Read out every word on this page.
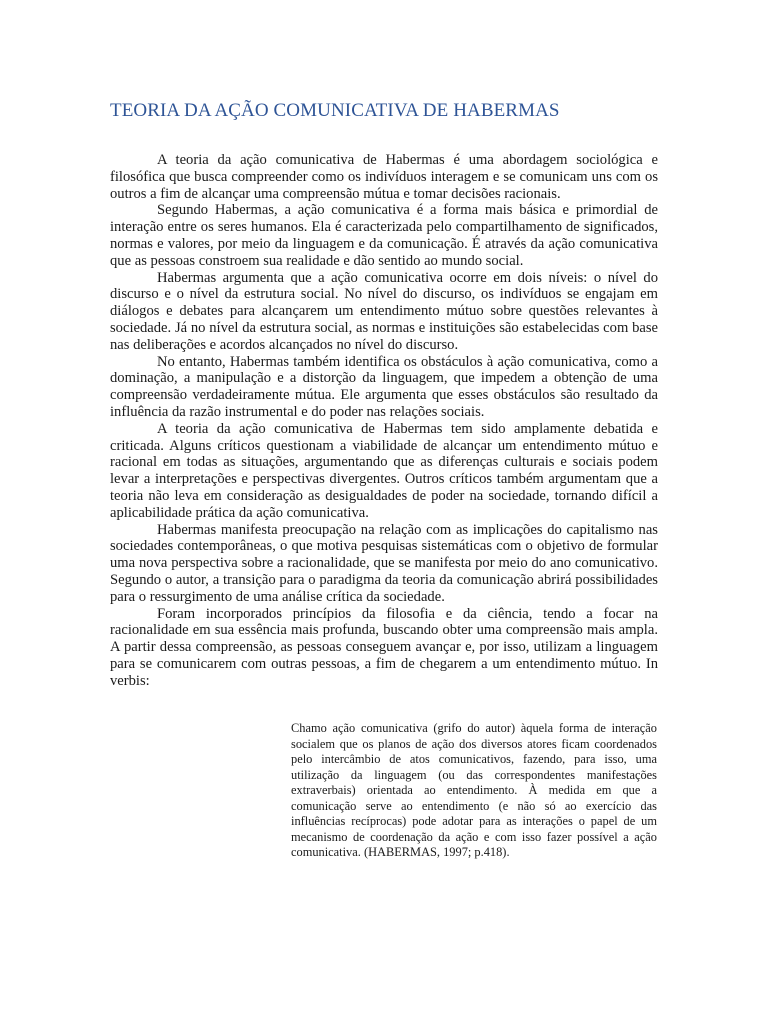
TEORIA DA AÇÃO COMUNICATIVA DE HABERMAS

A teoria da ação comunicativa de Habermas é uma abordagem sociológica e filosófica que busca compreender como os indivíduos interagem e se comunicam uns com os outros a fim de alcançar uma compreensão mútua e tomar decisões racionais.

Segundo Habermas, a ação comunicativa é a forma mais básica e primordial de interação entre os seres humanos. Ela é caracterizada pelo compartilhamento de significados, normas e valores, por meio da linguagem e da comunicação. É através da ação comunicativa que as pessoas constroem sua realidade e dão sentido ao mundo social.

Habermas argumenta que a ação comunicativa ocorre em dois níveis: o nível do discurso e o nível da estrutura social. No nível do discurso, os indivíduos se engajam em diálogos e debates para alcançarem um entendimento mútuo sobre questões relevantes à sociedade. Já no nível da estrutura social, as normas e instituições são estabelecidas com base nas deliberações e acordos alcançados no nível do discurso.

No entanto, Habermas também identifica os obstáculos à ação comunicativa, como a dominação, a manipulação e a distorção da linguagem, que impedem a obtenção de uma compreensão verdadeiramente mútua. Ele argumenta que esses obstáculos são resultado da influência da razão instrumental e do poder nas relações sociais.

A teoria da ação comunicativa de Habermas tem sido amplamente debatida e criticada. Alguns críticos questionam a viabilidade de alcançar um entendimento mútuo e racional em todas as situações, argumentando que as diferenças culturais e sociais podem levar a interpretações e perspectivas divergentes. Outros críticos também argumentam que a teoria não leva em consideração as desigualdades de poder na sociedade, tornando difícil a aplicabilidade prática da ação comunicativa.

Habermas manifesta preocupação na relação com as implicações do capitalismo nas sociedades contemporâneas, o que motiva pesquisas sistemáticas com o objetivo de formular uma nova perspectiva sobre a racionalidade, que se manifesta por meio do ano comunicativo. Segundo o autor, a transição para o paradigma da teoria da comunicação abrirá possibilidades para o ressurgimento de uma análise crítica da sociedade.

Foram incorporados princípios da filosofia e da ciência, tendo a focar na racionalidade em sua essência mais profunda, buscando obter uma compreensão mais ampla. A partir dessa compreensão, as pessoas conseguem avançar e, por isso, utilizam a linguagem para se comunicarem com outras pessoas, a fim de chegarem a um entendimento mútuo. In verbis:

Chamo ação comunicativa (grifo do autor) àquela forma de interação socialem que os planos de ação dos diversos atores ficam coordenados pelo intercâmbio de atos comunicativos, fazendo, para isso, uma utilização da linguagem (ou das correspondentes manifestações extraverbais) orientada ao entendimento. À medida em que a comunicação serve ao entendimento (e não só ao exercício das influências recíprocas) pode adotar para as interações o papel de um mecanismo de coordenação da ação e com isso fazer possível a ação comunicativa. (HABERMAS, 1997; p.418).
